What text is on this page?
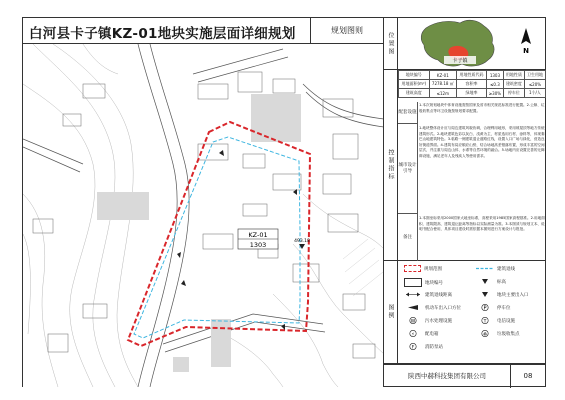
白河县卡子镇KZ-01地块实施层面详细规划	规划图则
KZ-01
1303	493.18
位置图
卡子镇
N
控制指标
地块编号	KZ-01	用地性质代码	1303	用地性质	卫生用地
用地面积(m²)	7278.18 ㎡	容积率	≤0.3	建筑密度	≤20%
建筑高度	≤12m	绿地率	≥30%	停车位	1个/人
配套设施
1.本次规划地块中体育设施需按国家及省市相关规范标准进行配置。2.公厕、垃圾收集点等环卫设施按规划要求配置。
城市设计引导
1.地块整体设计应与周边建筑风貌协调，合理利用地形，采用坡屋顶等地方传统建筑形式。2.地块建筑色彩以灰白、浅黄为主，材质选用石材、涂料等，体现秦巴山地建筑特色。3.临路一侧建筑退让道路红线，设置入口广场与绿化，营造良好街道界面。4.建筑布局应顺应山势，结合场地高差错落布置，形成丰富的空间层次，并注重与周边山体、水系等自然环境的融合。5.场地内应设置完善的无障碍设施，满足老年人及残疾人等使用需求。
备注
1.本图坐标采用2000国家大地坐标系，高程采用1985国家高程基准。2.用地面积、建筑限高、建筑退让距离等指标以实际测量为准。3.本图须与规划文本、说明书配合使用，具体项目建设时需依据本图则进行方案设计与报批。
图例
规划范围	建筑退线
地块编号	标高
建筑退线距离	地块主要出入口
机动车出入口方位	P 停车位
W 污水处理设施	T 电信设施
⚡ 配电箱	♻ 垃圾收集点
F 消防泵站
陕西中赫科技集团有限公司	08
